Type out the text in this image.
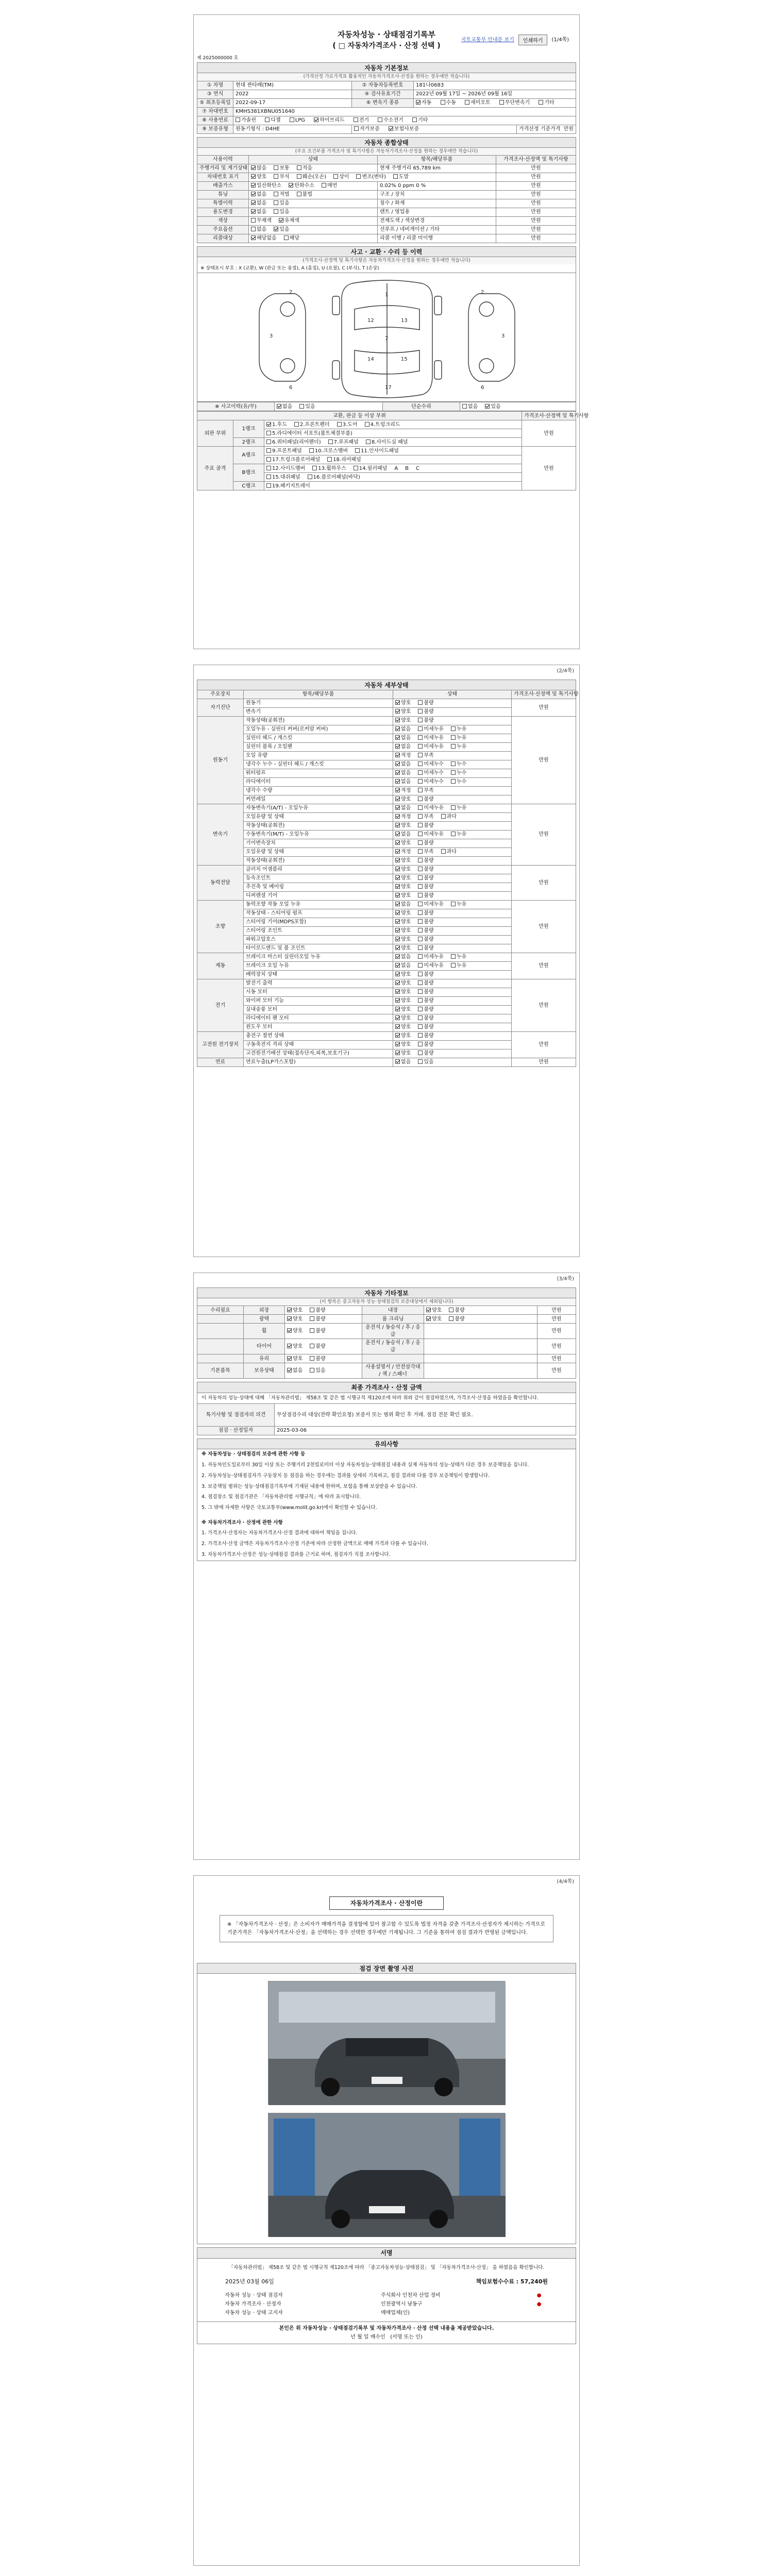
국토교통부 안내문 보기	인쇄하기	(1/4쪽)
자동차성능 · 상태점검기록부
( □ 자동차가격조사 · 산정 선택 )
제 2025000000 호
자동차 기본정보
(가격산정 가로가격표 활용적인 자동차가격조사·산정을 원하는 경우에만 적습니다)
① 차명	현대 싼타페(TM)	② 자동차등록번호	181나0683	
③ 연식	2022	④ 검사유효기간	2022년 09월 17일 ~ 2026년 09월 16일	
⑤ 최초등록일	2022-09-17	⑥ 변속기 종류	자동 수동 세미오토 무단변속기 기타	
⑦ 차대번호	KMHS381XBNU051640			
⑧ 사용연료	가솔린 디젤 LPG 하이브리드 전기 수소전기 기타			
⑨ 보증유형	원동기형식 : D4HE	자가보증 보험사보증		가격산정 기준가격 만원
자동차 종합상태
(주요 조건부품 가격조사 및 특기사항은 자동차가격조사·산정을 원하는 경우에만 적습니다)
사용이력	상태	항목/해당부품	가격조사·산정액 및 특기사항
주행거리 및 계기상태	많음 보통 적음	현재 주행거리 65,789 km	만원
차대번호 표기	양호 부식 훼손(오손) 상이 변조(변타) 도말		만원
배출가스	일산화탄소 탄화수소 매연	0.02% 0 ppm 0 %	만원
튜닝	없음 적법 불법	구조 / 장치	만원
특별이력	없음 있음	침수 / 화재	만원
용도변경	없음 있음	렌트 / 영업용	만원
색상	무채색 유채색	전체도색 / 색상변경	만원
주요옵션	없음 있음	선루프 / 네비게이션 / 기타	만원
리콜대상	해당없음 해당	리콜 이행 / 리콜 미이행	만원
사고 · 교환 · 수리 등 이력
(가격조사·산정액 및 특기사항은 자동차가격조사·산정을 원하는 경우에만 적습니다)
※ 상태표시 부호 : X (교환), W (판금 또는 용접), A (흠집), U (요철), C (부식), T (손상)
1
12	13
7
14	15
17
3	3
2	2
6	6
※ 사고이력(유/무)	없음	있음	단순수리	없음	있음
교환, 판금 등 이상 부위			가격조사·산정액 및 특기사항
외판 부위	1랭크	1.후드 2.프론트펜더 3.도어 4.트렁크리드	만원
		5.라디에이터 서포트(볼트체결부품)	
	2랭크	6.쿼터패널(리어펜더) 7.루프패널 8.사이드실 패널	
주요 골격	A랭크	9.프론트패널 10.크로스멤버 11.인사이드패널	만원
		17.트렁크플로어패널 18.리어패널	
	B랭크	12.사이드멤버 13.휠하우스 14.필러패널 A B C	
		15.대쉬패널 16.플로어패널(바닥)	
	C랭크	19.패키지트레이	
(2/4쪽)
자동차 세부상태
주요장치	항목/해당부품	상태	가격조사·산정액 및 특기사항
자기진단	원동기	양호 불량	만원
	변속기	양호 불량	
원동기	작동상태(공회전)	양호 불량	만원
	오일누유 - 실린더 커버(로커암 커버)	없음 미세누유 누유	
	실린더 헤드 / 개스킷	없음 미세누유 누유	
	실린더 블록 / 오일팬	없음 미세누유 누유	
	오일 유량	적정 부족	
	냉각수 누수 - 실린더 헤드 / 개스킷	없음 미세누수 누수	
	워터펌프	없음 미세누수 누수	
	라디에이터	없음 미세누수 누수	
	냉각수 수량	적정 부족	
	커먼레일	양호 불량	
변속기	자동변속기(A/T) - 오일누유	없음 미세누유 누유	만원
	오일유량 및 상태	적정 부족 과다	
	작동상태(공회전)	양호 불량	
	수동변속기(M/T) - 오일누유	없음 미세누유 누유	
	기어변속장치	양호 불량	
	오일유량 및 상태	적정 부족 과다	
	작동상태(공회전)	양호 불량	
동력전달	클러치 어셈블리	양호 불량	만원
	등속조인트	양호 불량	
	추진축 및 베어링	양호 불량	
	디퍼렌셜 기어	양호 불량	
조향	동력조향 작동 오일 누유	없음 미세누유 누유	만원
	작동상태 - 스티어링 펌프	양호 불량	
	스티어링 기어(MDPS포함)	양호 불량	
	스티어링 조인트	양호 불량	
	파워고압호스	양호 불량	
	타이로드엔드 및 볼 조인트	양호 불량	
제동	브레이크 마스터 실린더오일 누유	없음 미세누유 누유	만원
	브레이크 오일 누유	없음 미세누유 누유	
	배력장치 상태	양호 불량	
전기	발전기 출력	양호 불량	만원
	시동 모터	양호 불량	
	와이퍼 모터 기능	양호 불량	
	실내송풍 모터	양호 불량	
	라디에이터 팬 모터	양호 불량	
	윈도우 모터	양호 불량	
고전원 전기장치	충전구 절연 상태	양호 불량	만원
	구동축전지 격리 상태	양호 불량	
	고전원전기배선 상태(접속단자,피복,보호기구)	양호 불량	
연료	연료누출(LP가스포함)	없음 있음	만원
(3/4쪽)
자동차 기타정보
(이 항목은 중고자동차 성능·상태점검의 보증대상에서 제외됩니다)
수리필요	외장	양호 불량	내장	양호 불량	만원
	광택	양호 불량	룸 크리닝	양호 불량	만원
	휠	양호 불량	운전석 / 동승석 / 후 / 응급		만원
	타이어	양호 불량	운전석 / 동승석 / 후 / 응급		만원
	유리	양호 불량			만원
기본품목	보유상태	없음 있음	사용설명서 / 안전삼각대 / 잭 / 스패너		만원
최종 가격조사 · 산정 금액
이 자동차의 성능·상태에 대해 「자동차관리법」 제58조 및 같은 법 시행규칙 제120조에 따라 위와 같이 점검하였으며, 가격조사·산정을 하였음을 확인합니다.
특기사항 및 점검자의 의견	무상점검수리 대상(전략 확인요청) 보증서 또는 범위 확인 후 거래. 점검 전문 확인 필요.
점검 · 산정일자	2025-03-06
유의사항
※ 자동차성능 · 상태점검의 보증에 관한 사항 등
1. 자동차인도일로부터 30일 이상 또는 주행거리 2천킬로미터 이상 자동차성능·상태점검 내용과 실제 자동차의 성능·상태가 다른 경우 보증책임을 집니다.
2. 자동차성능·상태점검자가 구동장치 등 점검을 하는 경우에는 결과를 상세히 기록하고, 점검 결과와 다를 경우 보증책임이 발생합니다.
3. 보증책임 범위는 성능·상태점검기록부에 기재된 내용에 한하며, 보험을 통해 보상받을 수 있습니다.
4. 점검장소 및 점검기관은 「자동차관리법 시행규칙」에 따라 표시합니다.
5. 그 밖에 자세한 사항은 국토교통부(www.molit.go.kr)에서 확인할 수 있습니다.
※ 자동차가격조사 · 산정에 관한 사항
1. 가격조사·산정자는 자동차가격조사·산정 결과에 대하여 책임을 집니다.
2. 가격조사·산정 금액은 자동차가격조사·산정 기준에 따라 산정한 금액으로 매매 가격과 다를 수 있습니다.
3. 자동차가격조사·산정은 성능·상태점검 결과를 근거로 하며, 점검자가 직접 조사합니다.
(4/4쪽)
자동차가격조사 · 산정이란
※ 「자동차가격조사 · 산정」은 소비자가 매매가격을 결정함에 있어 참고할 수 있도록 법정 자격을 갖춘 가격조사·산정자가 제시하는 가격으로 기준가격은 「자동차가격조사·산정」을 선택하는 경우 선택한 경우에만 기재됩니다. 그 기준을 통하여 점검 결과가 반영된 금액입니다.
점검 장면 촬영 사진
서명
「자동차관리법」 제58조 및 같은 법 시행규칙 제120조에 따라 「중고자동차성능·상태점검」 및 「자동차가격조사·산정」 을 하였음을 확인합니다.
2025년 03월 06일	책임보험수수료 : 57,240원
자동차 성능 · 상태 점검자	주식회사 인천차 산업 정비	●
자동차 가격조사 · 산정자	인천광역시 남동구	●
자동차 성능 · 상태 고지자	매매업체(인)	
본인은 위 자동차성능 · 상태점검기록부 및 자동차가격조사 · 산정 선택 내용을 제공받았습니다.
년 월 일 매수인 (서명 또는 인)
